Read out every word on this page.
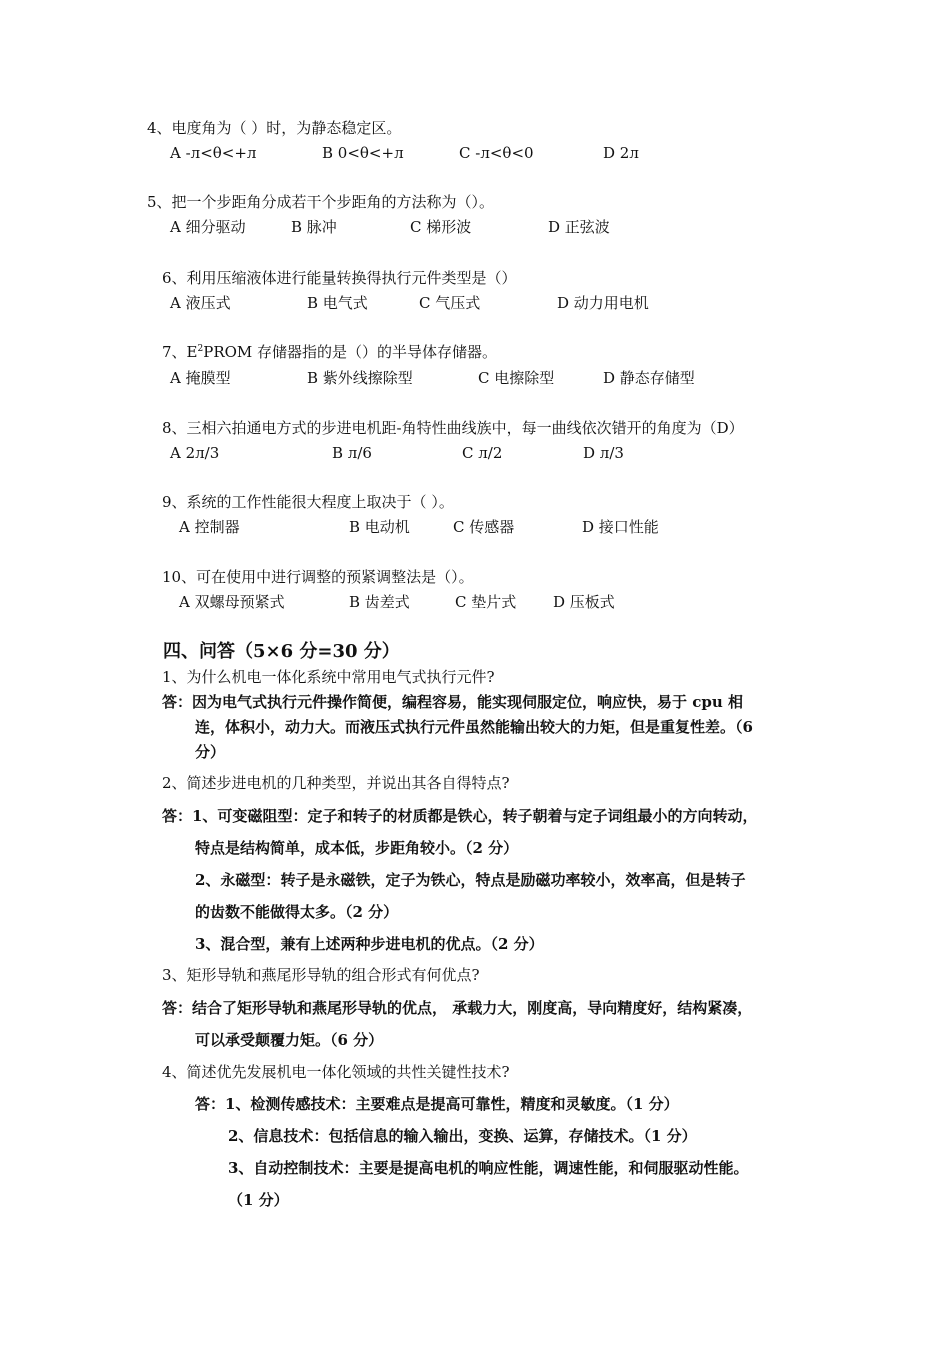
4、电度角为（ ）时，为静态稳定区。
A -л<θ<+л	B 0<θ<+л	C -л<θ<0	D 2л
5、把一个步距角分成若干个步距角的方法称为（）。
A 细分驱动	B 脉冲	C 梯形波	D 正弦波
6、利用压缩液体进行能量转换得执行元件类型是（）
A 液压式	B 电气式	C 气压式	D 动力用电机
7、$E^2PROM$ 存储器指的是（）的半导体存储器。
A 掩膜型	B 紫外线擦除型	C 电擦除型	D 静态存储型
8、三相六拍通电方式的步进电机距-角特性曲线族中，每一曲线依次错开的角度为（D）
A 2л/3	B л/6	C л/2	D л/3
9、系统的工作性能很大程度上取决于（ ）。
A 控制器	B 电动机	C 传感器	D 接口性能
10、可在使用中进行调整的预紧调整法是（）。
A 双螺母预紧式	B 齿差式	C 垫片式 D 压板式
四、问答（5×6 分=30 分）
1、为什么机电一体化系统中常用电气式执行元件?
答：因为电气式执行元件操作简便，编程容易，能实现伺服定位，响应快，易于 cpu 相
连，体积小，动力大。而液压式执行元件虽然能输出较大的力矩，但是重复性差。（6
分）
2、简述步进电机的几种类型，并说出其各自得特点?
答：1、可变磁阻型：定子和转子的材质都是铁心，转子朝着与定子词组最小的方向转动，
特点是结构简单，成本低，步距角较小。（2 分）
2、永磁型：转子是永磁铁，定子为铁心，特点是励磁功率较小，效率高，但是转子
的齿数不能做得太多。（2 分）
3、混合型，兼有上述两种步进电机的优点。（2 分）
3、矩形导轨和燕尾形导轨的组合形式有何优点?
答：结合了矩形导轨和燕尾形导轨的优点， 承载力大，刚度高，导向精度好，结构紧凑，
可以承受颠覆力矩。（6 分）
4、简述优先发展机电一体化领域的共性关键性技术?
答：1、检测传感技术：主要难点是提高可靠性，精度和灵敏度。（1 分）
2、信息技术：包括信息的输入输出，变换、运算，存储技术。（1 分）
3、自动控制技术：主要是提高电机的响应性能，调速性能，和伺服驱动性能。
（1 分）
